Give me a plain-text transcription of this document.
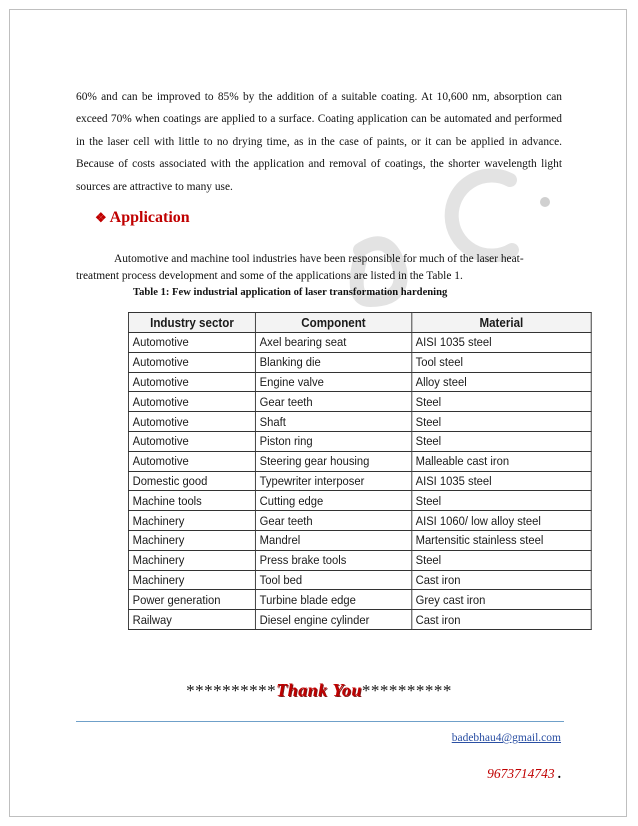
60% and can be improved to 85% by the addition of a suitable coating. At 10,600 nm, absorption can exceed 70% when coatings are applied to a surface. Coating application can be automated and performed in the laser cell with little to no drying time, as in the case of paints, or it can be applied in advance. Because of costs associated with the application and removal of coatings, the shorter wavelength light sources are attractive to many use.
❖ Application
Automotive and machine tool industries have been responsible for much of the laser heat-treatment process development and some of the applications are listed in the Table 1.
Table 1: Few industrial application of laser transformation hardening
Industry sector	Component	Material
Automotive	Axel bearing seat	AISI 1035 steel
Automotive	Blanking die	Tool steel
Automotive	Engine valve	Alloy steel
Automotive	Gear teeth	Steel
Automotive	Shaft	Steel
Automotive	Piston ring	Steel
Automotive	Steering gear housing	Malleable cast iron
Domestic good	Typewriter interposer	AISI 1035 steel
Machine tools	Cutting edge	Steel
Machinery	Gear teeth	AISI 1060/ low alloy steel
Machinery	Mandrel	Martensitic stainless steel
Machinery	Press brake tools	Steel
Machinery	Tool bed	Cast iron
Power generation	Turbine blade edge	Grey cast iron
Railway	Diesel engine cylinder	Cast iron
**********Thank You**********
badebhau4@gmail.com
9673714743 .
